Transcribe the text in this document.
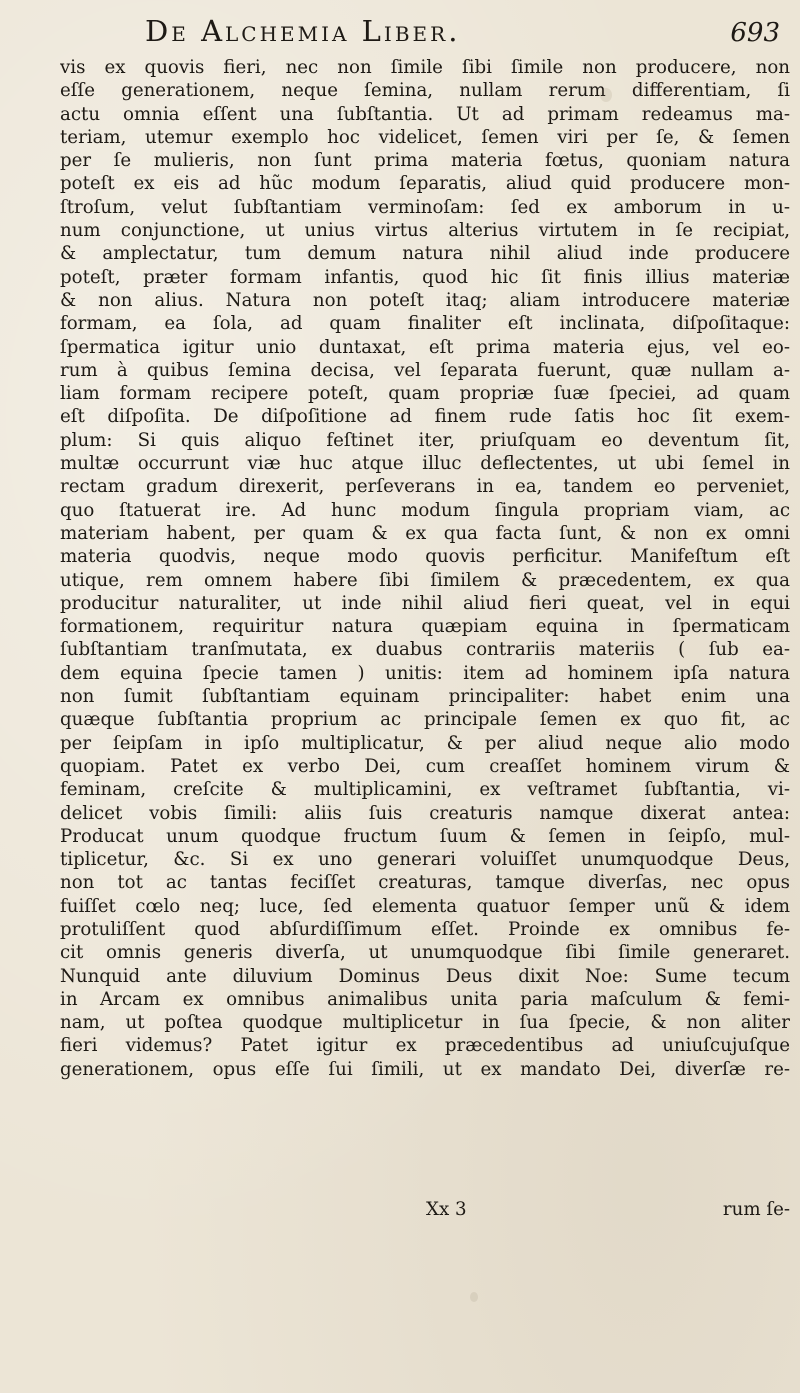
De Alchemia Liber.	693
vis ex quovis fieri, nec non ſimile ſibi ſimile non producere, non
eſſe generationem, neque ſemina, nullam rerum differentiam, ſi
actu omnia eſſent una ſubſtantia. Ut ad primam redeamus ma-
teriam, utemur exemplo hoc videlicet, ſemen viri per ſe, & ſemen
per ſe mulieris, non ſunt prima materia fœtus, quoniam natura
poteſt ex eis ad hũc modum ſeparatis, aliud quid producere mon-
ſtroſum, velut ſubſtantiam verminoſam: ſed ex amborum in u-
num conjunctione, ut unius virtus alterius virtutem in ſe recipiat,
& amplectatur, tum demum natura nihil aliud inde producere
poteſt, præter formam infantis, quod hic ſit finis illius materiæ
& non alius. Natura non poteſt itaq; aliam introducere materiæ
formam, ea ſola, ad quam finaliter eſt inclinata, diſpoſitaque:
ſpermatica igitur unio duntaxat, eſt prima materia ejus, vel eo-
rum à quibus ſemina decisa, vel ſeparata fuerunt, quæ nullam a-
liam formam recipere poteſt, quam propriæ ſuæ ſpeciei, ad quam
eſt diſpoſita. De diſpoſitione ad finem rude ſatis hoc ſit exem-
plum: Si quis aliquo feſtinet iter, priuſquam eo deventum ſit,
multæ occurrunt viæ huc atque illuc deflectentes, ut ubi ſemel in
rectam gradum direxerit, perſeverans in ea, tandem eo perveniet,
quo ſtatuerat ire. Ad hunc modum ſingula propriam viam, ac
materiam habent, per quam & ex qua facta ſunt, & non ex omni
materia quodvis, neque modo quovis perficitur. Manifeſtum eſt
utique, rem omnem habere ſibi ſimilem & præcedentem, ex qua
producitur naturaliter, ut inde nihil aliud fieri queat, vel in equi
formationem, requiritur natura quæpiam equina in ſpermaticam
ſubſtantiam tranſmutata, ex duabus contrariis materiis ( ſub ea-
dem equina ſpecie tamen ) unitis: item ad hominem ipſa natura
non ſumit ſubſtantiam equinam principaliter: habet enim una
quæque ſubſtantia proprium ac principale ſemen ex quo fit, ac
per ſeipſam in ipſo multiplicatur, & per aliud neque alio modo
quopiam. Patet ex verbo Dei, cum creaſſet hominem virum &
feminam, creſcite & multiplicamini, ex veſtramet ſubſtantia, vi-
delicet vobis ſimili: aliis ſuis creaturis namque dixerat antea:
Producat unum quodque fructum ſuum & ſemen in ſeipſo, mul-
tiplicetur, &c. Si ex uno generari voluiſſet unumquodque Deus,
non tot ac tantas feciſſet creaturas, tamque diverſas, nec opus
fuiſſet cœlo neq; luce, ſed elementa quatuor ſemper unũ & idem
protuliſſent quod abſurdiſſimum eſſet. Proinde ex omnibus fe-
cit omnis generis diverſa, ut unumquodque ſibi ſimile generaret.
Nunquid ante diluvium Dominus Deus dixit Noe: Sume tecum
in Arcam ex omnibus animalibus unita paria maſculum & femi-
nam, ut poſtea quodque multiplicetur in ſua ſpecie, & non aliter
fieri videmus? Patet igitur ex præcedentibus ad uniuſcujuſque
generationem, opus eſſe ſui ſimili, ut ex mandato Dei, diverſæ re-
Xx 3	rum ſe-
